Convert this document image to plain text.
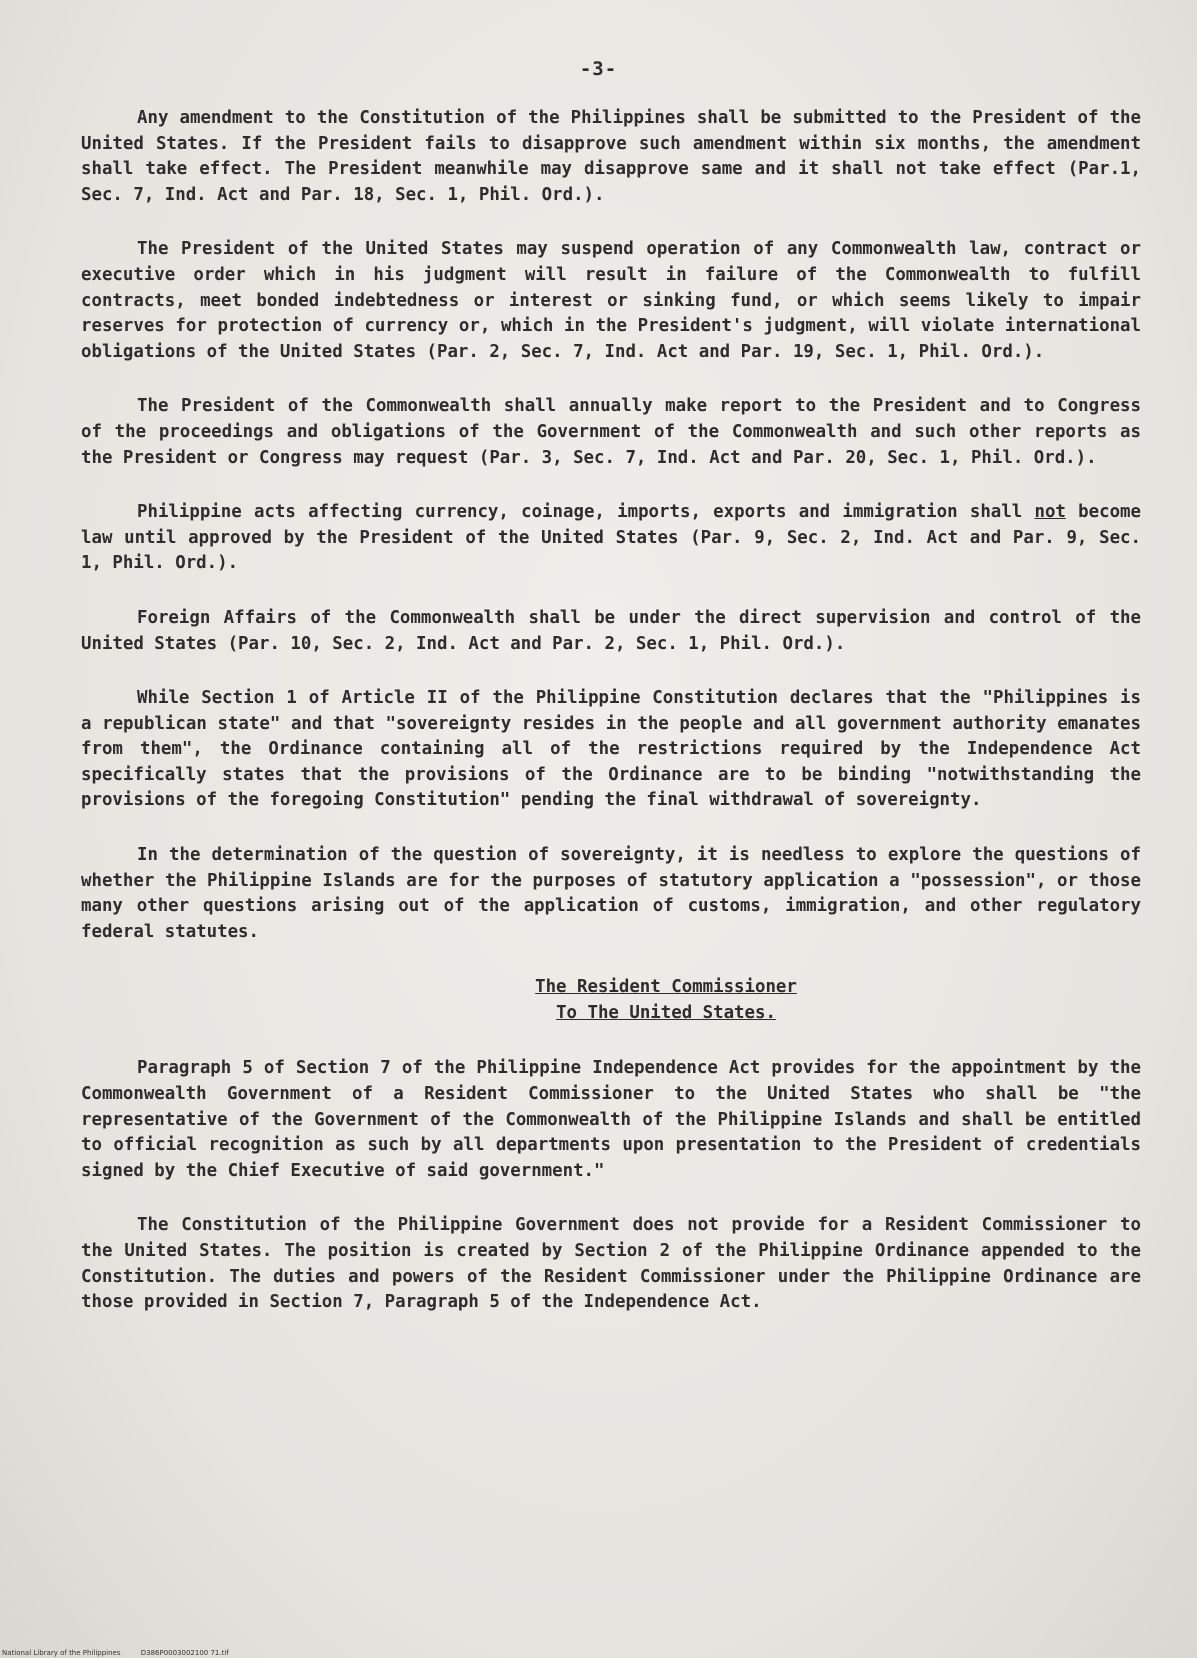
-3-

Any amendment to the Constitution of the Philippines shall be submitted to the President of the United States. If the President fails to disapprove such amendment within six months, the amendment shall take effect. The President meanwhile may disapprove same and it shall not take effect (Par.1, Sec. 7, Ind. Act and Par. 18, Sec. 1, Phil. Ord.).

The President of the United States may suspend operation of any Commonwealth law, contract or executive order which in his judgment will result in failure of the Commonwealth to fulfill contracts, meet bonded indebtedness or interest or sinking fund, or which seems likely to impair reserves for protection of currency or, which in the President's judgment, will violate international obligations of the United States (Par. 2, Sec. 7, Ind. Act and Par. 19, Sec. 1, Phil. Ord.).

The President of the Commonwealth shall annually make report to the President and to Congress of the proceedings and obligations of the Government of the Commonwealth and such other reports as the President or Congress may request (Par. 3, Sec. 7, Ind. Act and Par. 20, Sec. 1, Phil. Ord.).

Philippine acts affecting currency, coinage, imports, exports and immigration shall not become law until approved by the President of the United States (Par. 9, Sec. 2, Ind. Act and Par. 9, Sec. 1, Phil. Ord.).

Foreign Affairs of the Commonwealth shall be under the direct supervision and control of the United States (Par. 10, Sec. 2, Ind. Act and Par. 2, Sec. 1, Phil. Ord.).

While Section 1 of Article II of the Philippine Constitution declares that the "Philippines is a republican state" and that "sovereignty resides in the people and all government authority emanates from them", the Ordinance containing all of the restrictions required by the Independence Act specifically states that the provisions of the Ordinance are to be binding "notwithstanding the provisions of the foregoing Constitution" pending the final withdrawal of sovereignty.

In the determination of the question of sovereignty, it is needless to explore the questions of whether the Philippine Islands are for the purposes of statutory application a "possession", or those many other questions arising out of the application of customs, immigration, and other regulatory federal statutes.

The Resident Commissioner

To The United States.

Paragraph 5 of Section 7 of the Philippine Independence Act provides for the appointment by the Commonwealth Government of a Resident Commissioner to the United States who shall be "the representative of the Government of the Commonwealth of the Philippine Islands and shall be entitled to official recognition as such by all departments upon presentation to the President of credentials signed by the Chief Executive of said government."

The Constitution of the Philippine Government does not provide for a Resident Commissioner to the United States. The position is created by Section 2 of the Philippine Ordinance appended to the Constitution. The duties and powers of the Resident Commissioner under the Philippine Ordinance are those provided in Section 7, Paragraph 5 of the Independence Act.

National Library of the Philippines	D386P0003002100 71.tif
